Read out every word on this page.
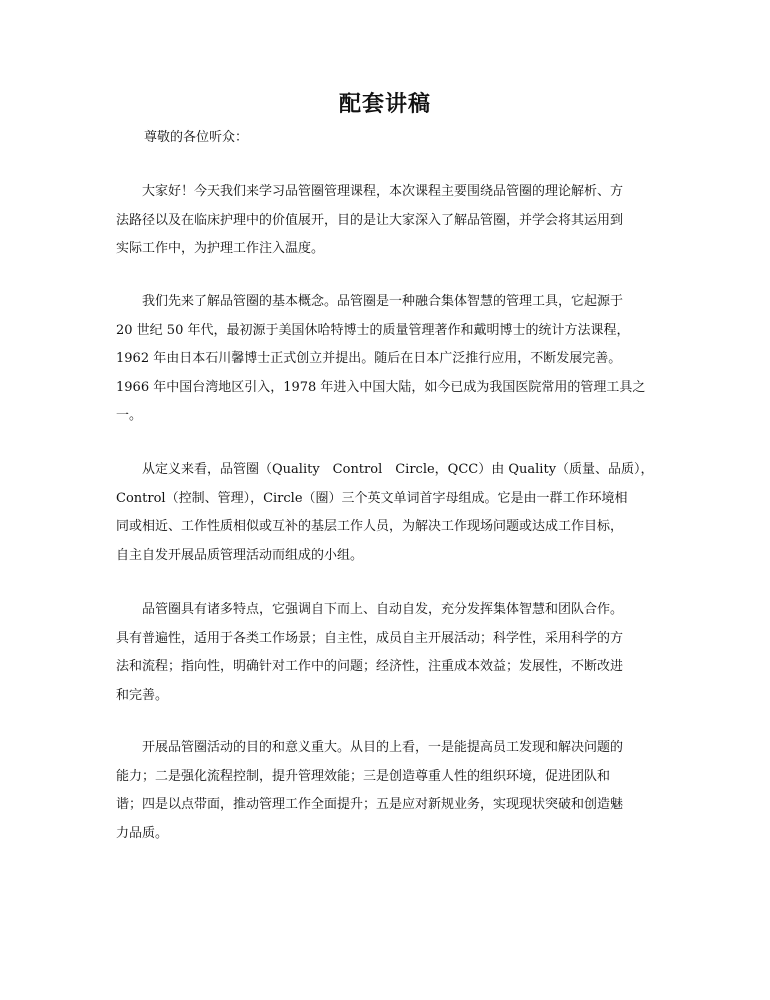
配套讲稿
尊敬的各位听众：
　　大家好！今天我们来学习品管圈管理课程，本次课程主要围绕品管圈的理论解析、方
法路径以及在临床护理中的价值展开，目的是让大家深入了解品管圈，并学会将其运用到
实际工作中，为护理工作注入温度。
　　我们先来了解品管圈的基本概念。品管圈是一种融合集体智慧的管理工具，它起源于
20 世纪 50 年代，最初源于美国休哈特博士的质量管理著作和戴明博士的统计方法课程，
1962 年由日本石川馨博士正式创立并提出。随后在日本广泛推行应用，不断发展完善。
1966 年中国台湾地区引入，1978 年进入中国大陆，如今已成为我国医院常用的管理工具之
一。
　　从定义来看，品管圈（Quality　Control　Circle，QCC）由 Quality（质量、品质），
Control（控制、管理），Circle（圈）三个英文单词首字母组成。它是由一群工作环境相
同或相近、工作性质相似或互补的基层工作人员，为解决工作现场问题或达成工作目标，
自主自发开展品质管理活动而组成的小组。
　　品管圈具有诸多特点，它强调自下而上、自动自发，充分发挥集体智慧和团队合作。
具有普遍性，适用于各类工作场景；自主性，成员自主开展活动；科学性，采用科学的方
法和流程；指向性，明确针对工作中的问题；经济性，注重成本效益；发展性，不断改进
和完善。
　　开展品管圈活动的目的和意义重大。从目的上看，一是能提高员工发现和解决问题的
能力；二是强化流程控制，提升管理效能；三是创造尊重人性的组织环境，促进团队和
谐；四是以点带面，推动管理工作全面提升；五是应对新规业务，实现现状突破和创造魅
力品质。
